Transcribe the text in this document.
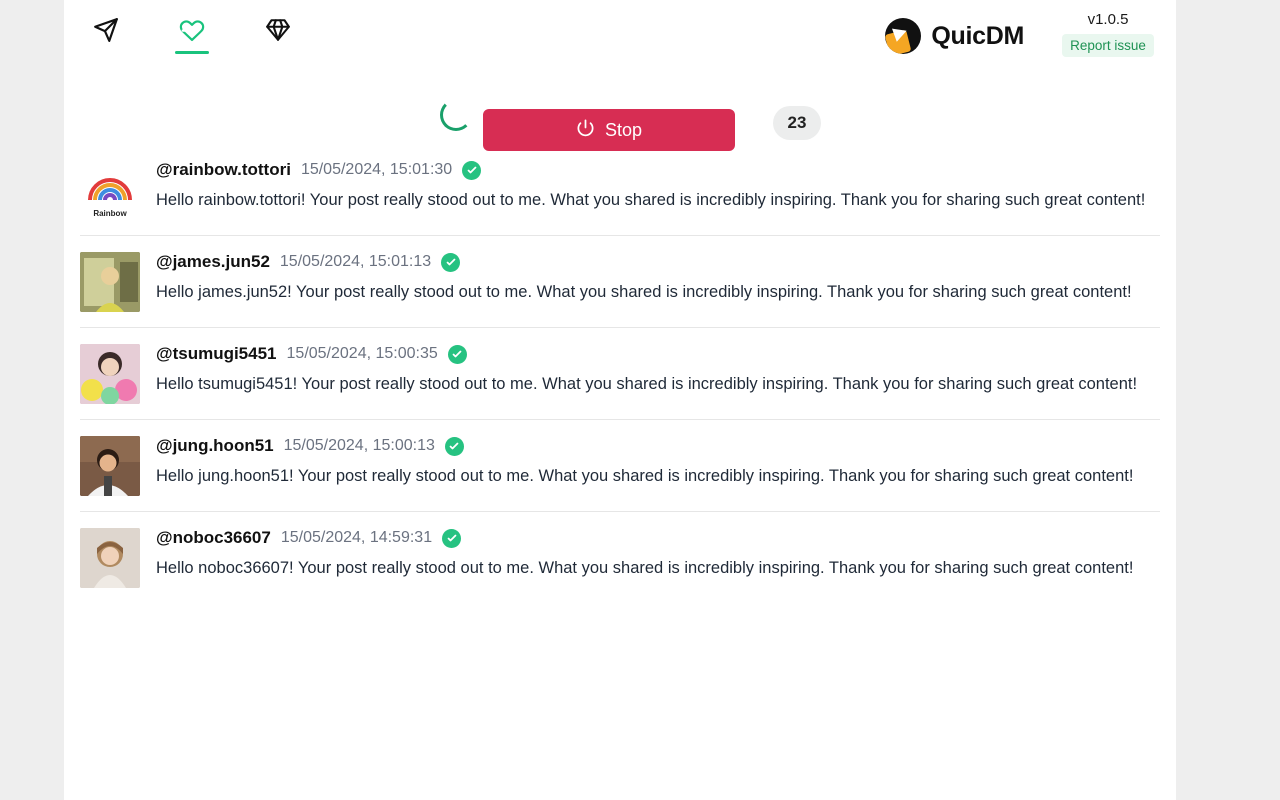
QuicDM
v1.0.5
Report issue
Stop	23
Rainbow
@rainbow.tottori 15/05/2024, 15:01:30
Hello rainbow.tottori! Your post really stood out to me. What you shared is incredibly inspiring. Thank you for sharing such great content!
@james.jun52 15/05/2024, 15:01:13
Hello james.jun52! Your post really stood out to me. What you shared is incredibly inspiring. Thank you for sharing such great content!
@tsumugi5451 15/05/2024, 15:00:35
Hello tsumugi5451! Your post really stood out to me. What you shared is incredibly inspiring. Thank you for sharing such great content!
@jung.hoon51 15/05/2024, 15:00:13
Hello jung.hoon51! Your post really stood out to me. What you shared is incredibly inspiring. Thank you for sharing such great content!
@noboc36607 15/05/2024, 14:59:31
Hello noboc36607! Your post really stood out to me. What you shared is incredibly inspiring. Thank you for sharing such great content!
